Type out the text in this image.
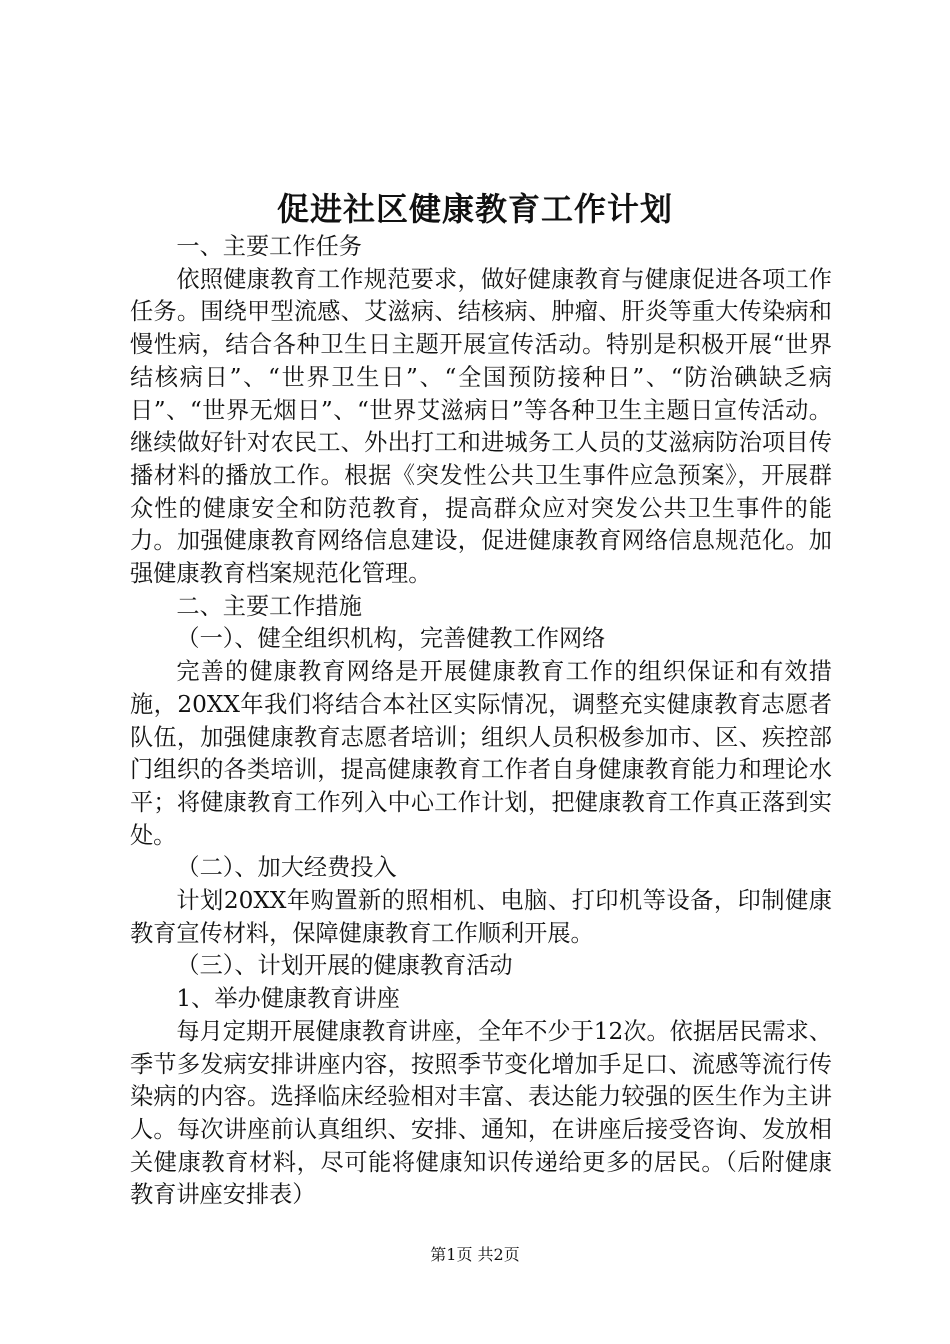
促进社区健康教育工作计划

一、主要工作任务

依照健康教育工作规范要求，做好健康教育与健康促进各项工作任务。围绕甲型流感、艾滋病、结核病、肿瘤、肝炎等重大传染病和慢性病，结合各种卫生日主题开展宣传活动。特别是积极开展“世界结核病日”、“世界卫生日”、“全国预防接种日”、“防治碘缺乏病日”、“世界无烟日”、“世界艾滋病日”等各种卫生主题日宣传活动。继续做好针对农民工、外出打工和进城务工人员的艾滋病防治项目传播材料的播放工作。根据《突发性公共卫生事件应急预案》，开展群众性的健康安全和防范教育，提高群众应对突发公共卫生事件的能力。加强健康教育网络信息建设，促进健康教育网络信息规范化。加强健康教育档案规范化管理。

二、主要工作措施

（一）、健全组织机构，完善健教工作网络

完善的健康教育网络是开展健康教育工作的组织保证和有效措施，20XX年我们将结合本社区实际情况，调整充实健康教育志愿者队伍，加强健康教育志愿者培训；组织人员积极参加市、区、疾控部门组织的各类培训，提高健康教育工作者自身健康教育能力和理论水平；将健康教育工作列入中心工作计划，把健康教育工作真正落到实处。

（二）、加大经费投入

计划20XX年购置新的照相机、电脑、打印机等设备，印制健康教育宣传材料，保障健康教育工作顺利开展。

（三）、计划开展的健康教育活动

1、举办健康教育讲座

每月定期开展健康教育讲座，全年不少于12次。依据居民需求、季节多发病安排讲座内容，按照季节变化增加手足口、流感等流行传染病的内容。选择临床经验相对丰富、表达能力较强的医生作为主讲人。每次讲座前认真组织、安排、通知，在讲座后接受咨询、发放相关健康教育材料，尽可能将健康知识传递给更多的居民。（后附健康教育讲座安排表）

第1页 共2页
